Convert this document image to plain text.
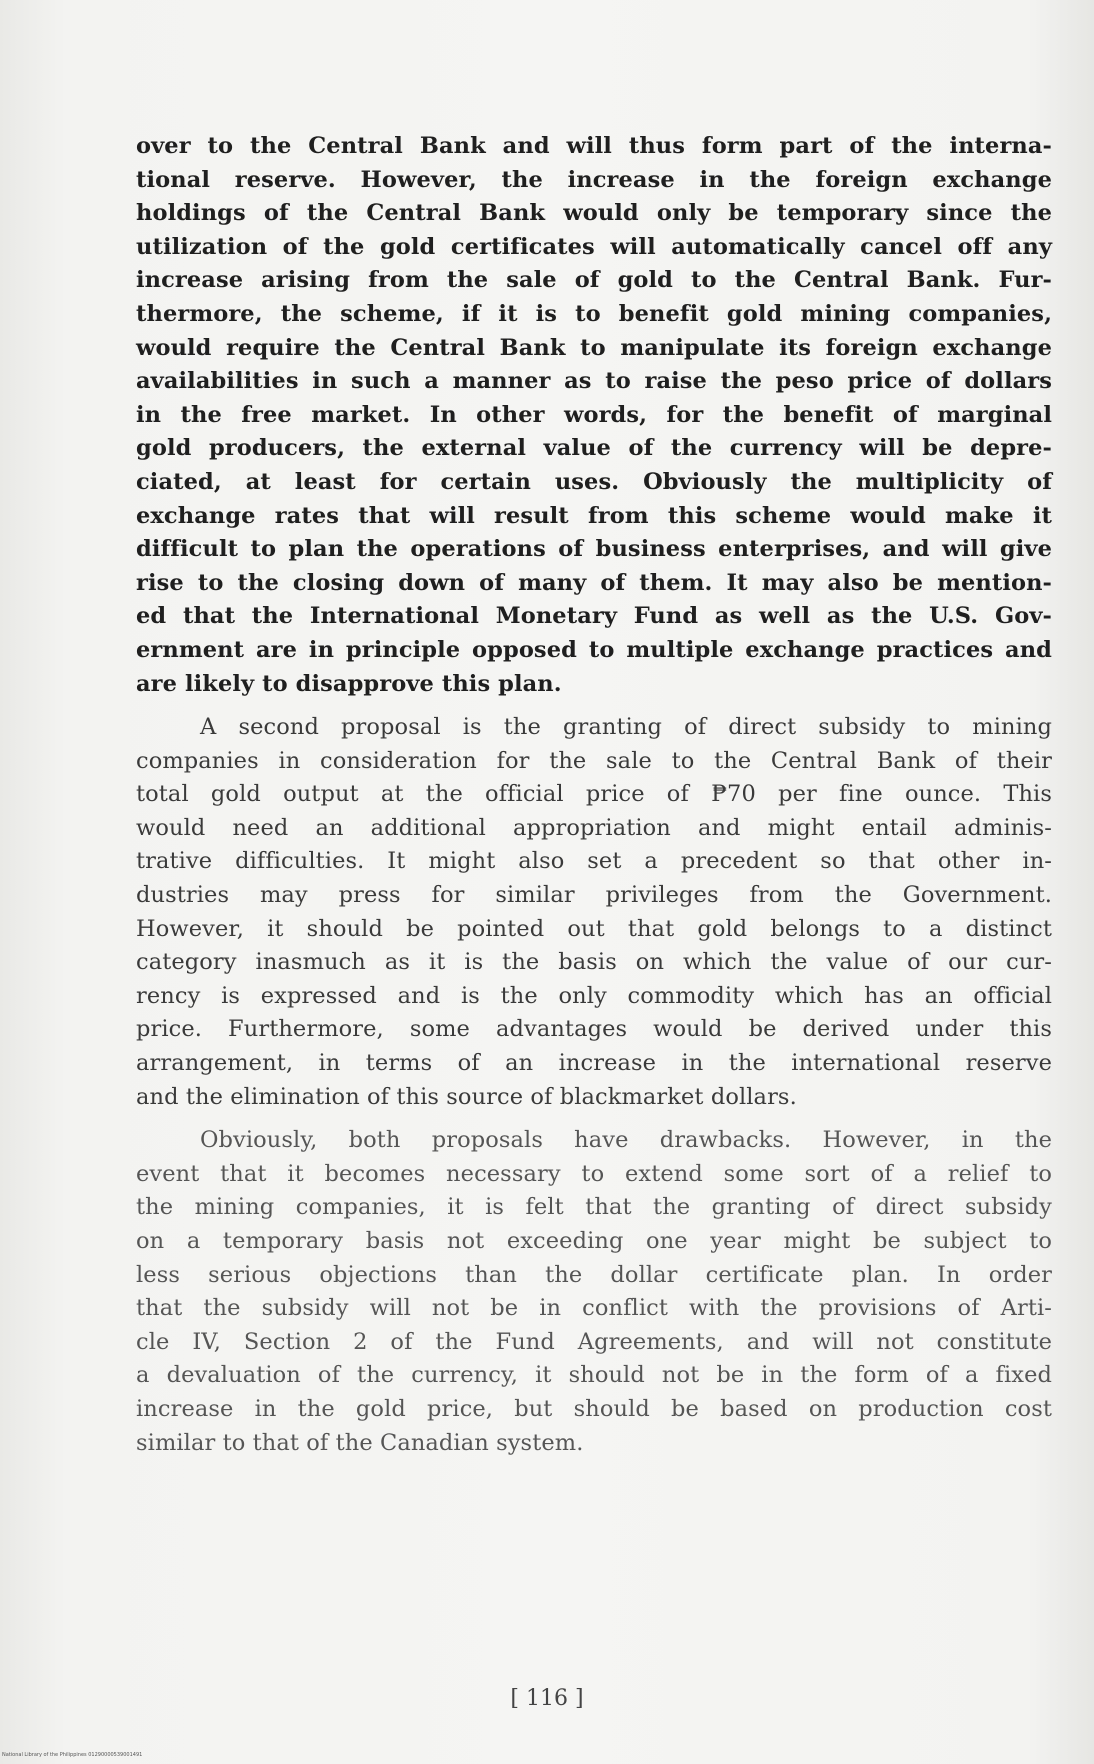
over to the Central Bank and will thus form part of the interna-
tional reserve. However, the increase in the foreign exchange
holdings of the Central Bank would only be temporary since the
utilization of the gold certificates will automatically cancel off any
increase arising from the sale of gold to the Central Bank. Fur-
thermore, the scheme, if it is to benefit gold mining companies,
would require the Central Bank to manipulate its foreign exchange
availabilities in such a manner as to raise the peso price of dollars
in the free market. In other words, for the benefit of marginal
gold producers, the external value of the currency will be depre-
ciated, at least for certain uses. Obviously the multiplicity of
exchange rates that will result from this scheme would make it
difficult to plan the operations of business enterprises, and will give
rise to the closing down of many of them. It may also be mention-
ed that the International Monetary Fund as well as the U.S. Gov-
ernment are in principle opposed to multiple exchange practices and
are likely to disapprove this plan.

A second proposal is the granting of direct subsidy to mining
companies in consideration for the sale to the Central Bank of their
total gold output at the official price of ₱70 per fine ounce. This
would need an additional appropriation and might entail adminis-
trative difficulties. It might also set a precedent so that other in-
dustries may press for similar privileges from the Government.
However, it should be pointed out that gold belongs to a distinct
category inasmuch as it is the basis on which the value of our cur-
rency is expressed and is the only commodity which has an official
price. Furthermore, some advantages would be derived under this
arrangement, in terms of an increase in the international reserve
and the elimination of this source of blackmarket dollars.

Obviously, both proposals have drawbacks. However, in the
event that it becomes necessary to extend some sort of a relief to
the mining companies, it is felt that the granting of direct subsidy
on a temporary basis not exceeding one year might be subject to
less serious objections than the dollar certificate plan. In order
that the subsidy will not be in conflict with the provisions of Arti-
cle IV, Section 2 of the Fund Agreements, and will not constitute
a devaluation of the currency, it should not be in the form of a fixed
increase in the gold price, but should be based on production cost
similar to that of the Canadian system.

[ 116 ]
National Library of the Philippines 01290000539001491
